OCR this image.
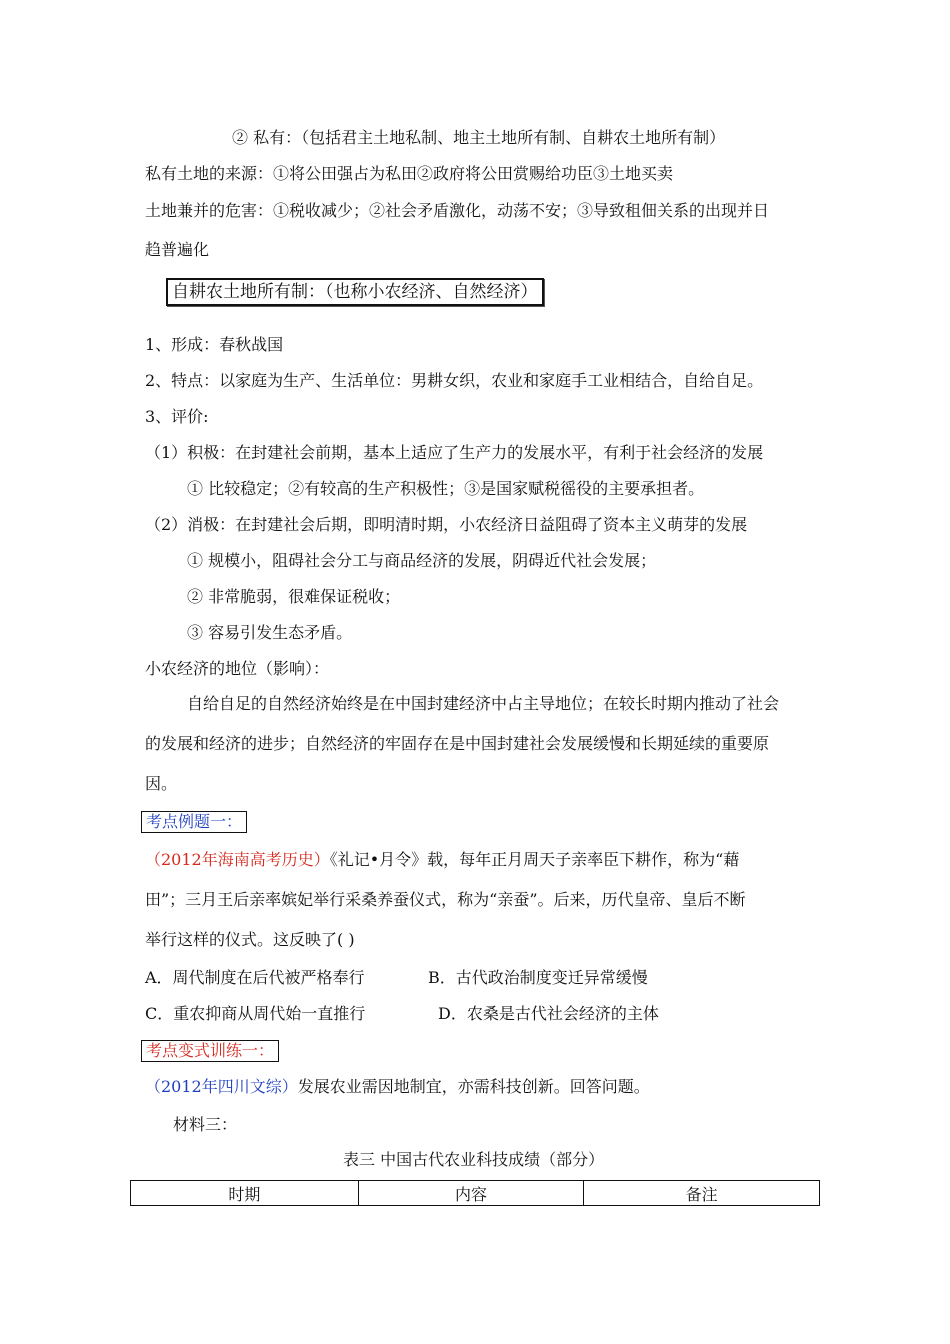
② 私有：（包括君主土地私制、地主土地所有制、自耕农土地所有制）
私有土地的来源：①将公田强占为私田②政府将公田赏赐给功臣③土地买卖
土地兼并的危害：①税收减少；②社会矛盾激化，动荡不安；③导致租佃关系的出现并日
趋普遍化
自耕农土地所有制：（也称小农经济、自然经济）
1、形成：春秋战国
2、特点：以家庭为生产、生活单位：男耕女织，农业和家庭手工业相结合，自给自足。
3、评价:
（1）积极：在封建社会前期，基本上适应了生产力的发展水平，有利于社会经济的发展
① 比较稳定；②有较高的生产积极性；③是国家赋税徭役的主要承担者。
（2）消极：在封建社会后期，即明清时期，小农经济日益阻碍了资本主义萌芽的发展
① 规模小，阻碍社会分工与商品经济的发展，阴碍近代社会发展；
② 非常脆弱，很难保证税收；
③ 容易引发生态矛盾。
小农经济的地位（影响）：
自给自足的自然经济始终是在中国封建经济中占主导地位；在较长时期内推动了社会
的发展和经济的进步；自然经济的牢固存在是中国封建社会发展缓慢和长期延续的重要原
因。
考点例题一：
（2012年海南高考历史）《礼记•月令》载，每年正月周天子亲率臣下耕作，称为“藉
田”；三月王后亲率嫔妃举行采桑养蚕仪式，称为“亲蚕”。后来，历代皇帝、皇后不断
举行这样的仪式。这反映了( )
A．周代制度在后代被严格奉行	B．古代政治制度变迁异常缓慢
C．重农抑商从周代始一直推行	D．农桑是古代社会经济的主体
考点变式训练一：
（2012年四川文综）发展农业需因地制宜，亦需科技创新。回答问题。
材料三：
表三 中国古代农业科技成绩（部分）
时期	内容	备注
